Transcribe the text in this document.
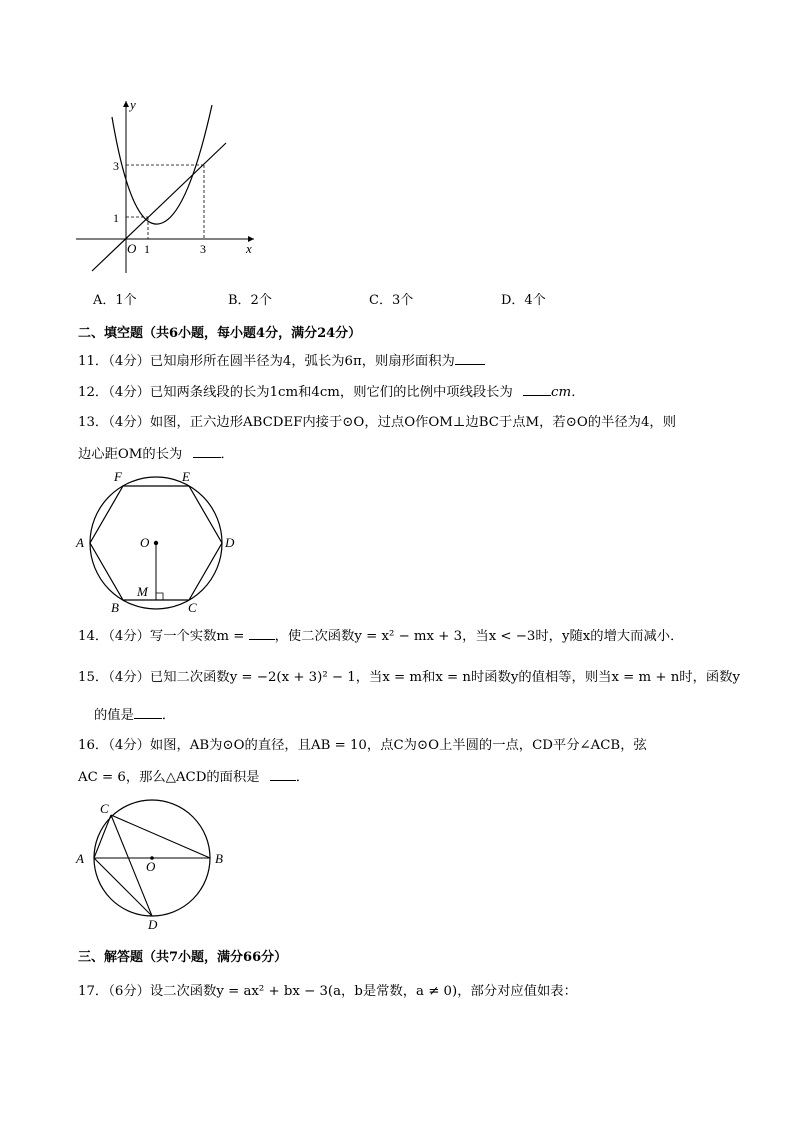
y
x
O
3
1
1	3
A．1个	B．2个	C．3个	D．4个
二、填空题（共6小题，每小题4分，满分24分）
11．（4分）已知扇形所在圆半径为4，弧长为6π，则扇形面积为
12．（4分）已知两条线段的长为1cm和4cm，则它们的比例中项线段长为	cm．
13．（4分）如图，正六边形ABCDEF内接于⊙O，过点O作OM⊥边BC于点M，若⊙O的半径为4，则
边心距OM的长为	．
F	E
A	O	D
M
B	C
14．（4分）写一个实数m = ，使二次函数y = x² − mx + 3，当x < −3时，y随x的增大而减小．
15．（4分）已知二次函数y = −2(x + 3)² − 1，当x = m和x = n时函数y的值相等，则当x = m + n时，函数y
的值是 ．
16．（4分）如图，AB为⊙O的直径，且AB = 10，点C为⊙O上半圆的一点，CD平分∠ACB，弦
AC = 6，那么△ACD的面积是	．
C
A
O
B
D
三、解答题（共7小题，满分66分）
17．（6分）设二次函数y = ax² + bx − 3(a，b是常数，a ≠ 0)，部分对应值如表：
